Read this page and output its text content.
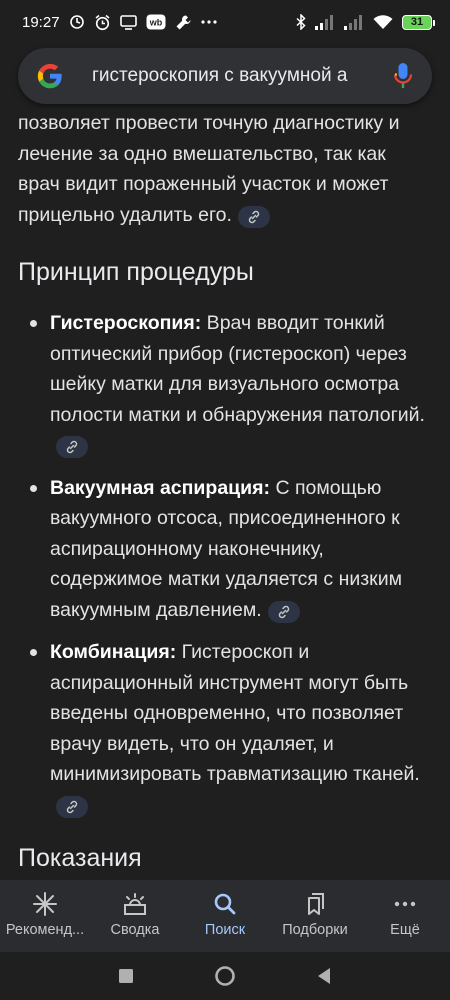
19:27	wb	31
гистероскопия с вакуумной а

позволяет провести точную диагностику и лечение за одно вмешательство, так как врач видит пораженный участок и может прицельно удалить его.

Принцип процедуры
Гистероскопия: Врач вводит тонкий оптический прибор (гистероскоп) через шейку матки для визуального осмотра полости матки и обнаружения патологий.
Вакуумная аспирация: С помощью вакуумного отсоса, присоединенного к аспирационному наконечнику, содержимое матки удаляется с низким вакуумным давлением.
Комбинация: Гистероскоп и аспирационный инструмент могут быть введены одновременно, что позволяет врачу видеть, что он удаляет, и минимизировать травматизацию тканей.
Показания

Рекоменд... Сводка	Поиск	Подборки	Ещё
